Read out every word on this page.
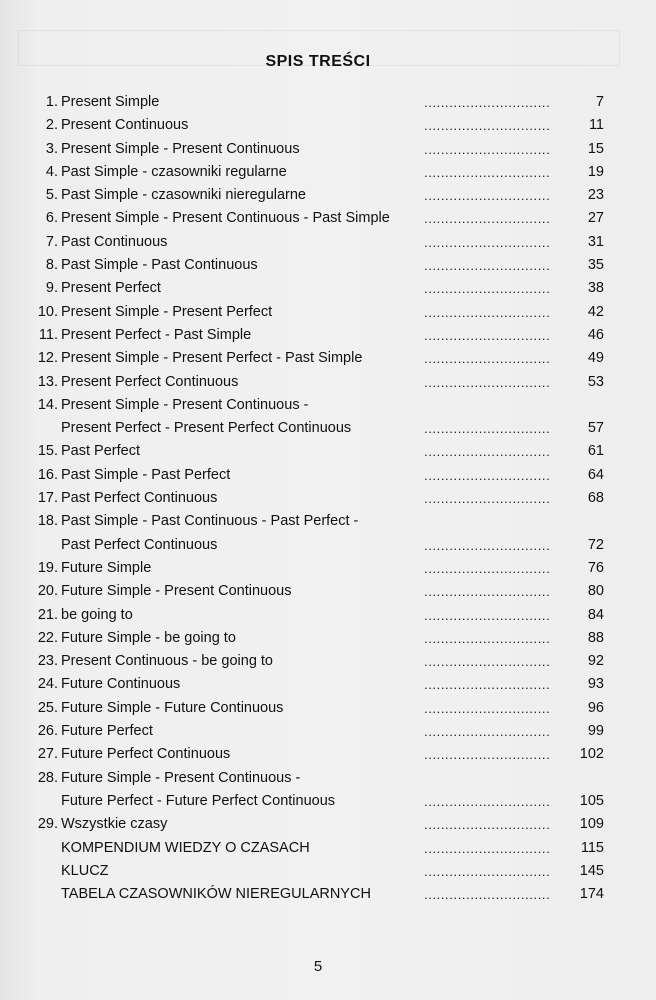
SPIS TREŚCI
1. Present Simple	..............................	7
2. Present Continuous	..............................	11
3. Present Simple - Present Continuous	..............................	15
4. Past Simple - czasowniki regularne	..............................	19
5. Past Simple - czasowniki nieregularne	..............................	23
6. Present Simple - Present Continuous - Past Simple	..............................	27
7. Past Continuous	..............................	31
8. Past Simple - Past Continuous	..............................	35
9. Present Perfect	..............................	38
10. Present Simple - Present Perfect	..............................	42
11. Present Perfect - Past Simple	..............................	46
12. Present Simple - Present Perfect - Past Simple	..............................	49
13. Present Perfect Continuous	..............................	53
14. Present Simple - Present Continuous -
Present Perfect - Present Perfect Continuous	..............................	57
15. Past Perfect	..............................	61
16. Past Simple - Past Perfect	..............................	64
17. Past Perfect Continuous	..............................	68
18. Past Simple - Past Continuous - Past Perfect -
Past Perfect Continuous	..............................	72
19. Future Simple	..............................	76
20. Future Simple - Present Continuous	..............................	80
21. be going to	..............................	84
22. Future Simple - be going to	..............................	88
23. Present Continuous - be going to	..............................	92
24. Future Continuous	..............................	93
25. Future Simple - Future Continuous	..............................	96
26. Future Perfect	..............................	99
27. Future Perfect Continuous	..............................	102
28. Future Simple - Present Continuous -
Future Perfect - Future Perfect Continuous	..............................	105
29. Wszystkie czasy	..............................	109
KOMPENDIUM WIEDZY O CZASACH	..............................	115
KLUCZ	..............................	145
TABELA CZASOWNIKÓW NIEREGULARNYCH	..............................	174
5
